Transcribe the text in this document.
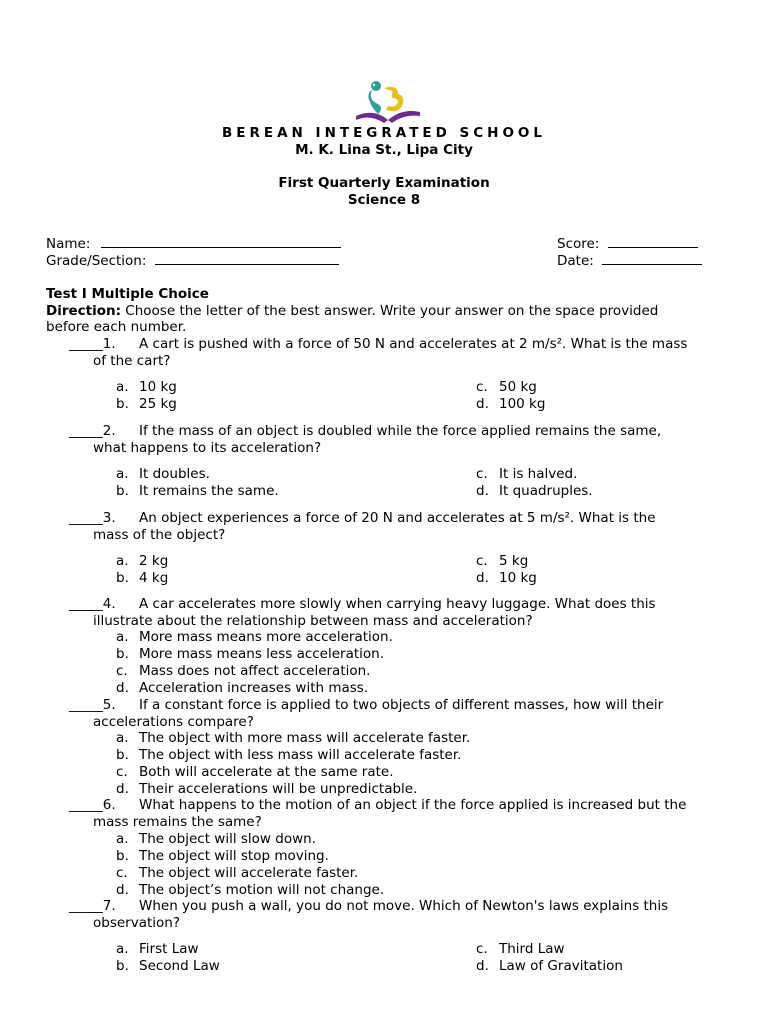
BEREAN INTEGRATED SCHOOL
M. K. Lina St., Lipa City
First Quarterly Examination
Science 8
Name:
Grade/Section:
Score:
Date:
Test I Multiple Choice
Direction: Choose the letter of the best answer. Write your answer on the space provided
before each number.
_____1. A cart is pushed with a force of 50 N and accelerates at 2 m/s². What is the mass
of the cart?
a. 10 kg
b. 25 kg
c. 50 kg
d. 100 kg
_____2. If the mass of an object is doubled while the force applied remains the same,
what happens to its acceleration?
a. It doubles.
b. It remains the same.
c. It is halved.
d. It quadruples.
_____3. An object experiences a force of 20 N and accelerates at 5 m/s². What is the
mass of the object?
a. 2 kg
b. 4 kg
c. 5 kg
d. 10 kg
_____4. A car accelerates more slowly when carrying heavy luggage. What does this
illustrate about the relationship between mass and acceleration?
a. More mass means more acceleration.
b. More mass means less acceleration.
c. Mass does not affect acceleration.
d. Acceleration increases with mass.
_____5. If a constant force is applied to two objects of different masses, how will their
accelerations compare?
a. The object with more mass will accelerate faster.
b. The object with less mass will accelerate faster.
c. Both will accelerate at the same rate.
d. Their accelerations will be unpredictable.
_____6. What happens to the motion of an object if the force applied is increased but the
mass remains the same?
a. The object will slow down.
b. The object will stop moving.
c. The object will accelerate faster.
d. The object’s motion will not change.
_____7. When you push a wall, you do not move. Which of Newton's laws explains this
observation?
a. First Law
b. Second Law
c. Third Law
d. Law of Gravitation
